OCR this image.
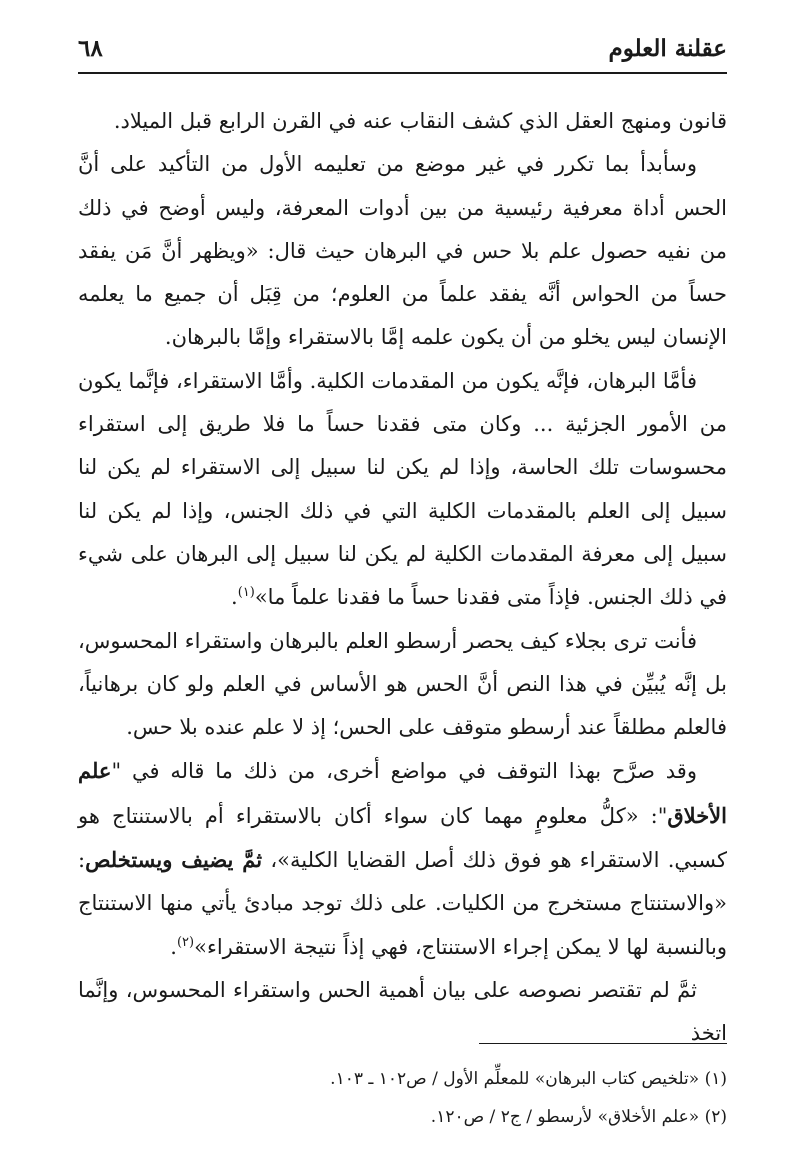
عقلنة العلوم
٦٨

قانون ومنهج العقل الذي كشف النقاب عنه في القرن الرابع قبل الميلاد.

وسأبدأ بما تكرر في غير موضع من تعليمه الأول من التأكيد على أنَّ الحس أداة معرفية رئيسية من بين أدوات المعرفة، وليس أوضح في ذلك من نفيه حصول علم بلا حس في البرهان حيث قال: «ويظهر أنَّ مَن يفقد حساً من الحواس أنَّه يفقد علماً من العلوم؛ من قِبَل أن جميع ما يعلمه الإنسان ليس يخلو من أن يكون علمه إمَّا بالاستقراء وإمَّا بالبرهان.

فأمَّا البرهان، فإنَّه يكون من المقدمات الكلية. وأمَّا الاستقراء، فإنَّما يكون من الأمور الجزئية ... وكان متى فقدنا حساً ما فلا طريق إلى استقراء محسوسات تلك الحاسة، وإذا لم يكن لنا سبيل إلى الاستقراء لم يكن لنا سبيل إلى العلم بالمقدمات الكلية التي في ذلك الجنس، وإذا لم يكن لنا سبيل إلى معرفة المقدمات الكلية لم يكن لنا سبيل إلى البرهان على شيء في ذلك الجنس. فإذاً متى فقدنا حساً ما فقدنا علماً ما»$^{(١)}$.

فأنت ترى بجلاء كيف يحصر أرسطو العلم بالبرهان واستقراء المحسوس، بل إنَّه يُبيِّن في هذا النص أنَّ الحس هو الأساس في العلم ولو كان برهانياً، فالعلم مطلقاً عند أرسطو متوقف على الحس؛ إذ لا علم عنده بلا حس.

وقد صرَّح بهذا التوقف في مواضع أخرى، من ذلك ما قاله في "علم الأخلاق": «كلُّ معلومٍ مهما كان سواء أكان بالاستقراء أم بالاستنتاج هو كسبي. الاستقراء هو فوق ذلك أصل القضايا الكلية»، ثمَّ يضيف ويستخلص: «والاستنتاج مستخرج من الكليات. على ذلك توجد مبادئ يأتي منها الاستنتاج وبالنسبة لها لا يمكن إجراء الاستنتاج، فهي إذاً نتيجة الاستقراء»$^{(٢)}$.

ثمَّ لم تقتصر نصوصه على بيان أهمية الحس واستقراء المحسوس، وإنَّما اتخذ

(١) «تلخيص كتاب البرهان» للمعلِّم الأول / ص١٠٢ ـ ١٠٣.

(٢) «علم الأخلاق» لأرسطو / ج٢ / ص١٢٠.
